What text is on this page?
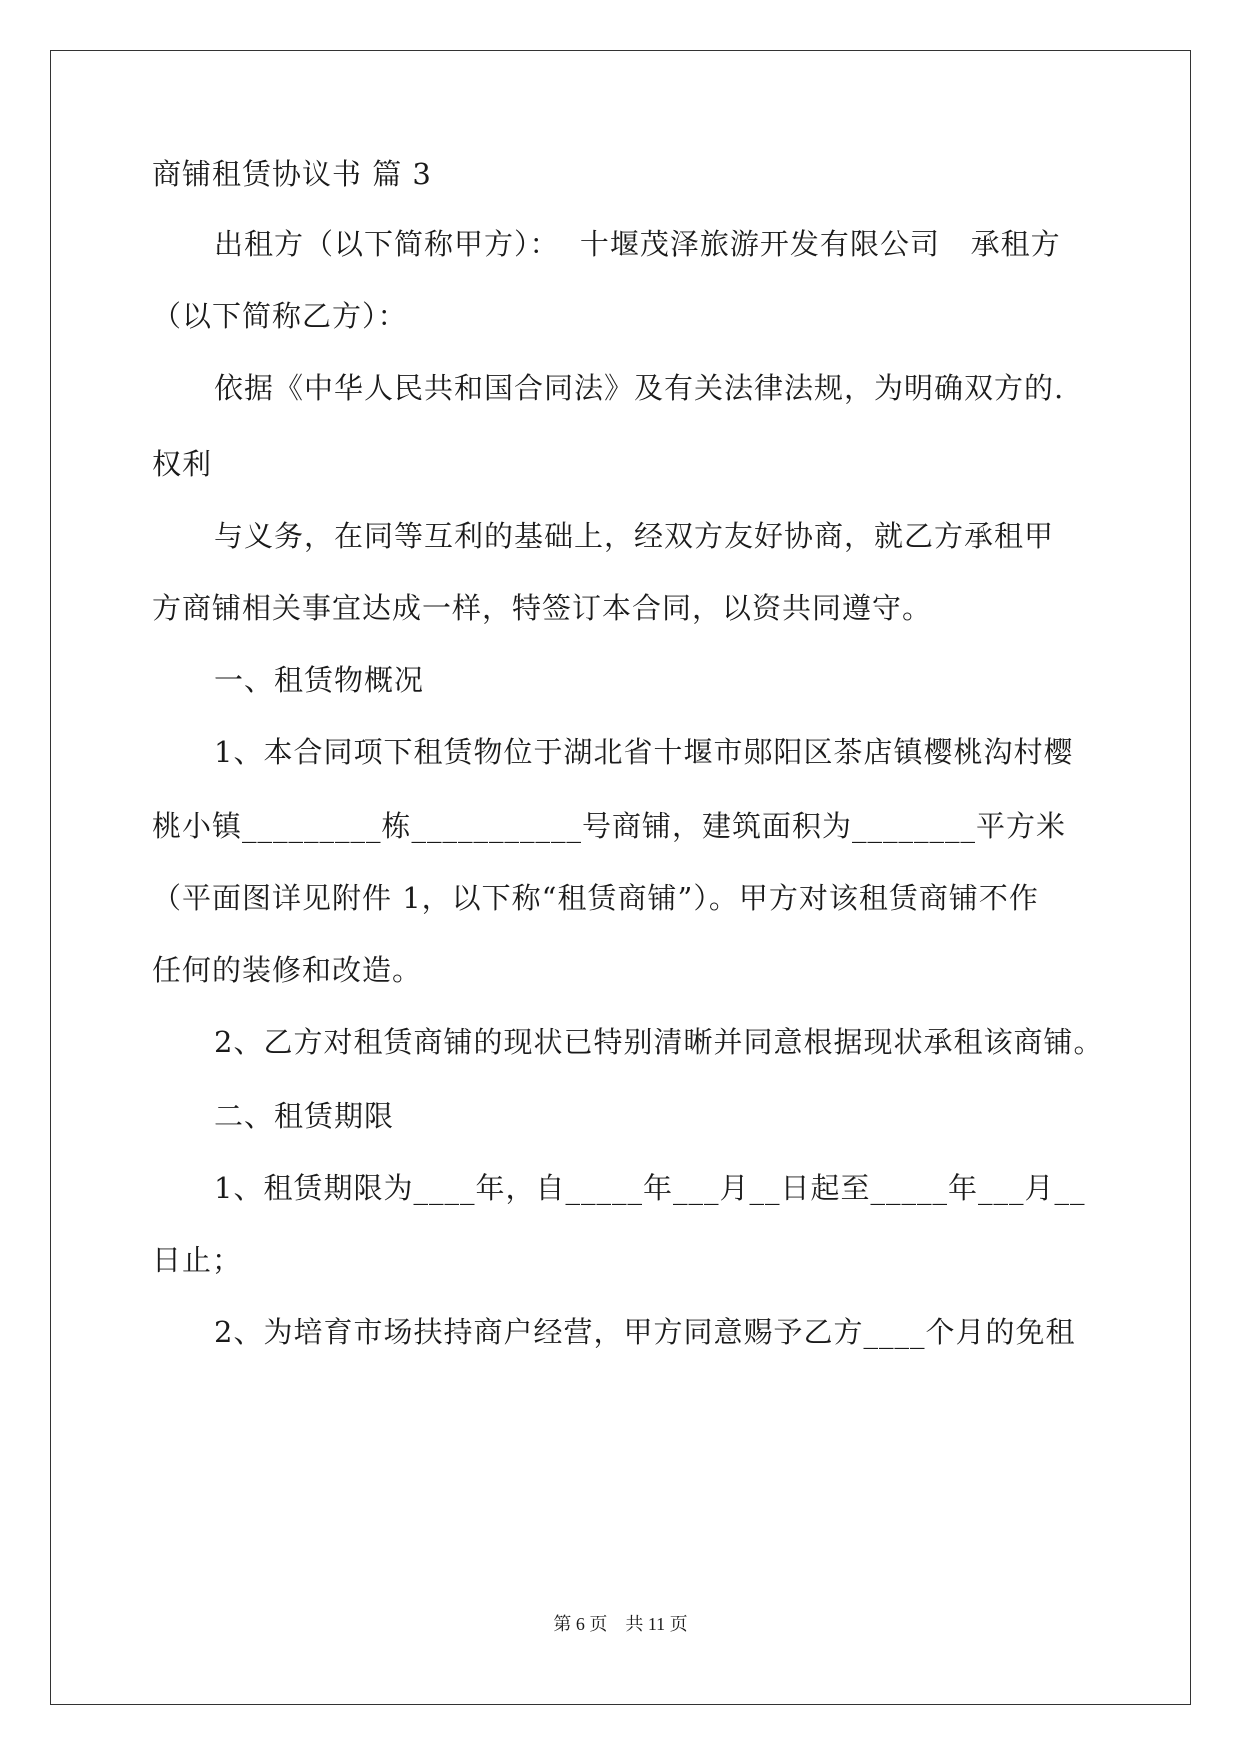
商铺租赁协议书 篇 3
出租方（以下简称甲方）：  十堰茂泽旅游开发有限公司   承租方
（以下简称乙方）：
依据《中华人民共和国合同法》及有关法律法规，为明确双方的.
权利
与义务，在同等互利的基础上，经双方友好协商，就乙方承租甲
方商铺相关事宜达成一样，特签订本合同，以资共同遵守。
一、租赁物概况
1、本合同项下租赁物位于湖北省十堰市郧阳区茶店镇樱桃沟村樱
桃小镇_________栋___________号商铺，建筑面积为________平方米
（平面图详见附件 1，以下称“租赁商铺”）。甲方对该租赁商铺不作
任何的装修和改造。
2、乙方对租赁商铺的现状已特别清晰并同意根据现状承租该商铺。
二、租赁期限
1、租赁期限为____年，自_____年___月__日起至_____年___月__
日止；
2、为培育市场扶持商户经营，甲方同意赐予乙方____个月的免租
第 6 页    共 11 页
